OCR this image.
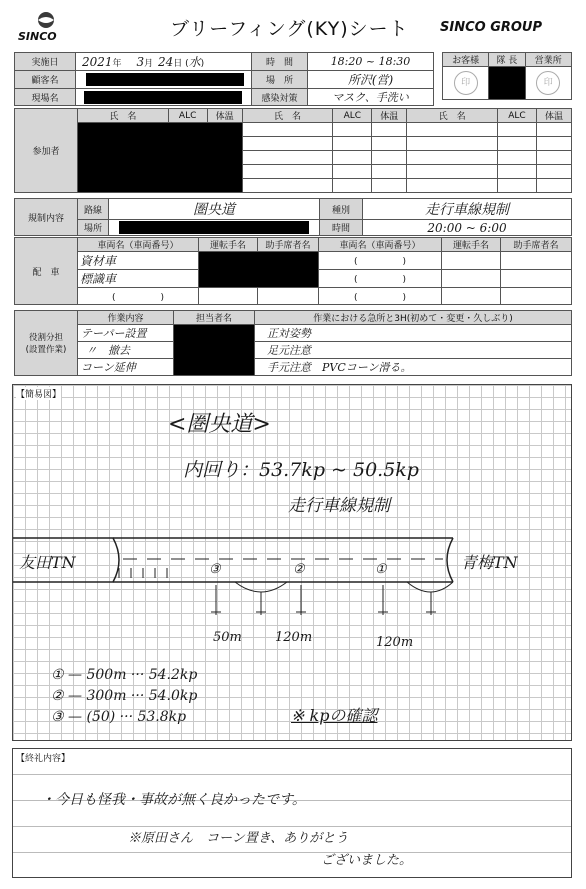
SINCO	ブリーフィング(KY)シート SINCO GROUP
実施日	2021年 3月 24日 (水)	時　間	18:20 ~ 18:30
顧客名		場　所	所沢(営)
現場名		感染対策	マスク、手洗い
お客様	隊 長	営業所

印		印
参加者	氏　名	ALC	体温	氏　名	ALC	体温	氏　名	ALC	体温

規制内容	路線	圏央道	種別	走行車線規制
	場所		時間	20:00 ~ 6:00
配　車	車両名（車両番号）	運転手名	助手席者名	車両名（車両番号）	運転手名	助手席者名
	資材車			(　　　　　)		
	標識車			(　　　　　)		
	(　　　　　)			(　　　　　)		
役割分担
(設置作業)	作業内容	担当者名	作業における急所と3H(初めて・変更・久しぶり)
	テーパー設置		正対姿勢
	〃　撤去		足元注意
	コーン延伸		手元注意　PVCコーン滑る。
【簡易図】
<圏央道>
内回り：53.7kp ~ 50.5kp
走行車線規制
友田TN	青梅TN
③	②	①
50m	120m	120m
① — 500m ··· 54.2kp
② — 300m ··· 54.0kp
③ — (50) ··· 53.8kp	※ kpの確認
【終礼内容】
・今日も怪我・事故が無く良かったです。
※原田さん　コーン置き、ありがとう
ございました。
